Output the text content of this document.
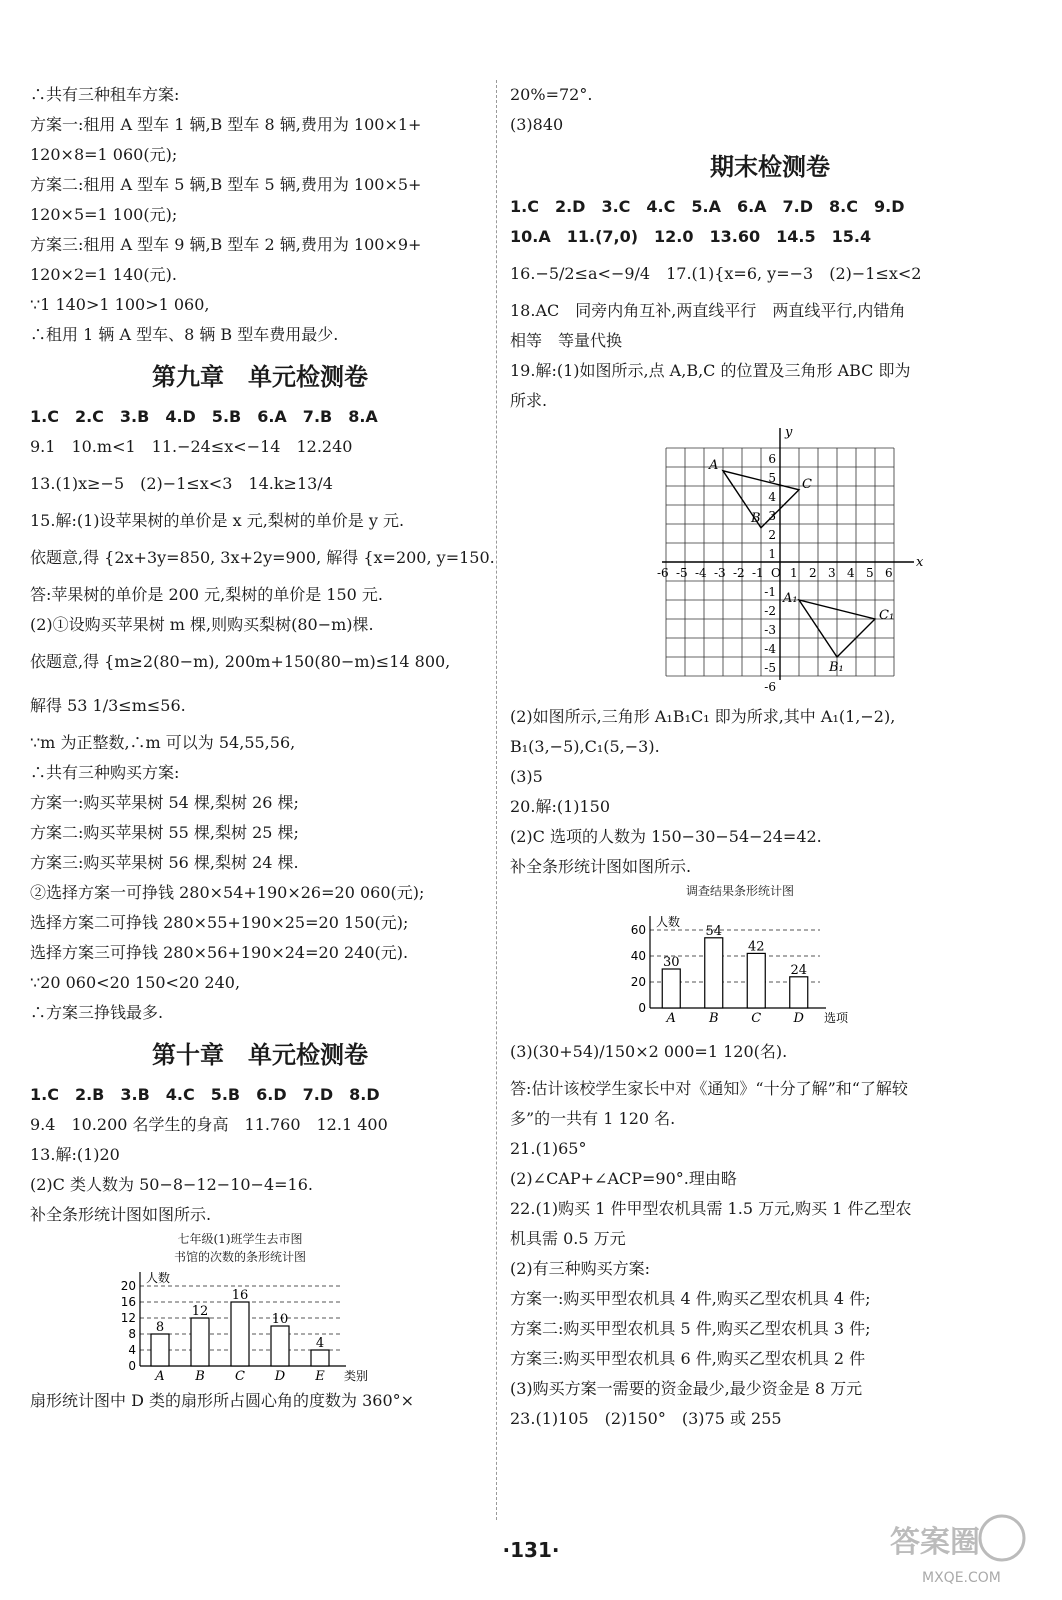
∴共有三种租车方案:
方案一:租用 A 型车 1 辆,B 型车 8 辆,费用为 100×1+
120×8=1 060(元);
方案二:租用 A 型车 5 辆,B 型车 5 辆,费用为 100×5+
120×5=1 100(元);
方案三:租用 A 型车 9 辆,B 型车 2 辆,费用为 100×9+
120×2=1 140(元).
∵1 140>1 100>1 060,
∴租用 1 辆 A 型车、8 辆 B 型车费用最少.
第九章　单元检测卷
1.C　2.C　3.B　4.D　5.B　6.A　7.B　8.A
9.1　10.m<1　11.−24≤x<−14　12.240
13.(1)x≥−5　(2)−1≤x<3　14.k≥13/4
15.解:(1)设苹果树的单价是 x 元,梨树的单价是 y 元.
依题意,得 {2x+3y=850, 3x+2y=900, 解得 {x=200, y=150.
答:苹果树的单价是 200 元,梨树的单价是 150 元.
(2)①设购买苹果树 m 棵,则购买梨树(80−m)棵.
依题意,得 {m≥2(80−m), 200m+150(80−m)≤14 800,
解得 53 1/3≤m≤56.
∵m 为正整数,∴m 可以为 54,55,56,
∴共有三种购买方案:
方案一:购买苹果树 54 棵,梨树 26 棵;
方案二:购买苹果树 55 棵,梨树 25 棵;
方案三:购买苹果树 56 棵,梨树 24 棵.
②选择方案一可挣钱 280×54+190×26=20 060(元);
选择方案二可挣钱 280×55+190×25=20 150(元);
选择方案三可挣钱 280×56+190×24=20 240(元).
∵20 060<20 150<20 240,
∴方案三挣钱最多.
第十章　单元检测卷
1.C　2.B　3.B　4.C　5.B　6.D　7.D　8.D
9.4　10.200 名学生的身高　11.760　12.1 400
13.解:(1)20
(2)C 类人数为 50−8−12−10−4=16.
补全条形统计图如图所示.
七年级(1)班学生去市图
书馆的次数的条形统计图
0
4
8
12
16
20
人数
类别
8
A
12
B
16
C
10
D
4
E
扇形统计图中 D 类的扇形所占圆心角的度数为 360°×
20%=72°.
(3)840
期末检测卷
1.C　2.D　3.C　4.C　5.A　6.A　7.D　8.C　9.D
10.A　11.(7,0)　12.0　13.60　14.5　15.4
16.−5/2≤a<−9/4　17.(1){x=6, y=−3　(2)−1≤x<2
18.AC　同旁内角互补,两直线平行　两直线平行,内错角
相等　等量代换
19.解:(1)如图所示,点 A,B,C 的位置及三角形 ABC 即为
所求.
x
y
-6 -5 -4 -3 -2 -1 O 1 2 3 4 5 6
6
5
4
3
2
1
-1
-2
-3
-4
-5
-6
A
B
C
A₁
B₁
C₁
(2)如图所示,三角形 A₁B₁C₁ 即为所求,其中 A₁(1,−2),
B₁(3,−5),C₁(5,−3).
(3)5
20.解:(1)150
(2)C 选项的人数为 150−30−54−24=42.
补全条形统计图如图所示.
调查结果条形统计图
0
20
40
60
人数
选项
30
A
54
B
42
C
24
D
(3)(30+54)/150×2 000=1 120(名).
答:估计该校学生家长中对《通知》“十分了解”和“了解较
多”的一共有 1 120 名.
21.(1)65°
(2)∠CAP+∠ACP=90°.理由略
22.(1)购买 1 件甲型农机具需 1.5 万元,购买 1 件乙型农
机具需 0.5 万元
(2)有三种购买方案:
方案一:购买甲型农机具 4 件,购买乙型农机具 4 件;
方案二:购买甲型农机具 5 件,购买乙型农机具 3 件;
方案三:购买甲型农机具 6 件,购买乙型农机具 2 件
(3)购买方案一需要的资金最少,最少资金是 8 万元
23.(1)105　(2)150°　(3)75 或 255
·131·	答案圈
MXQE.COM
